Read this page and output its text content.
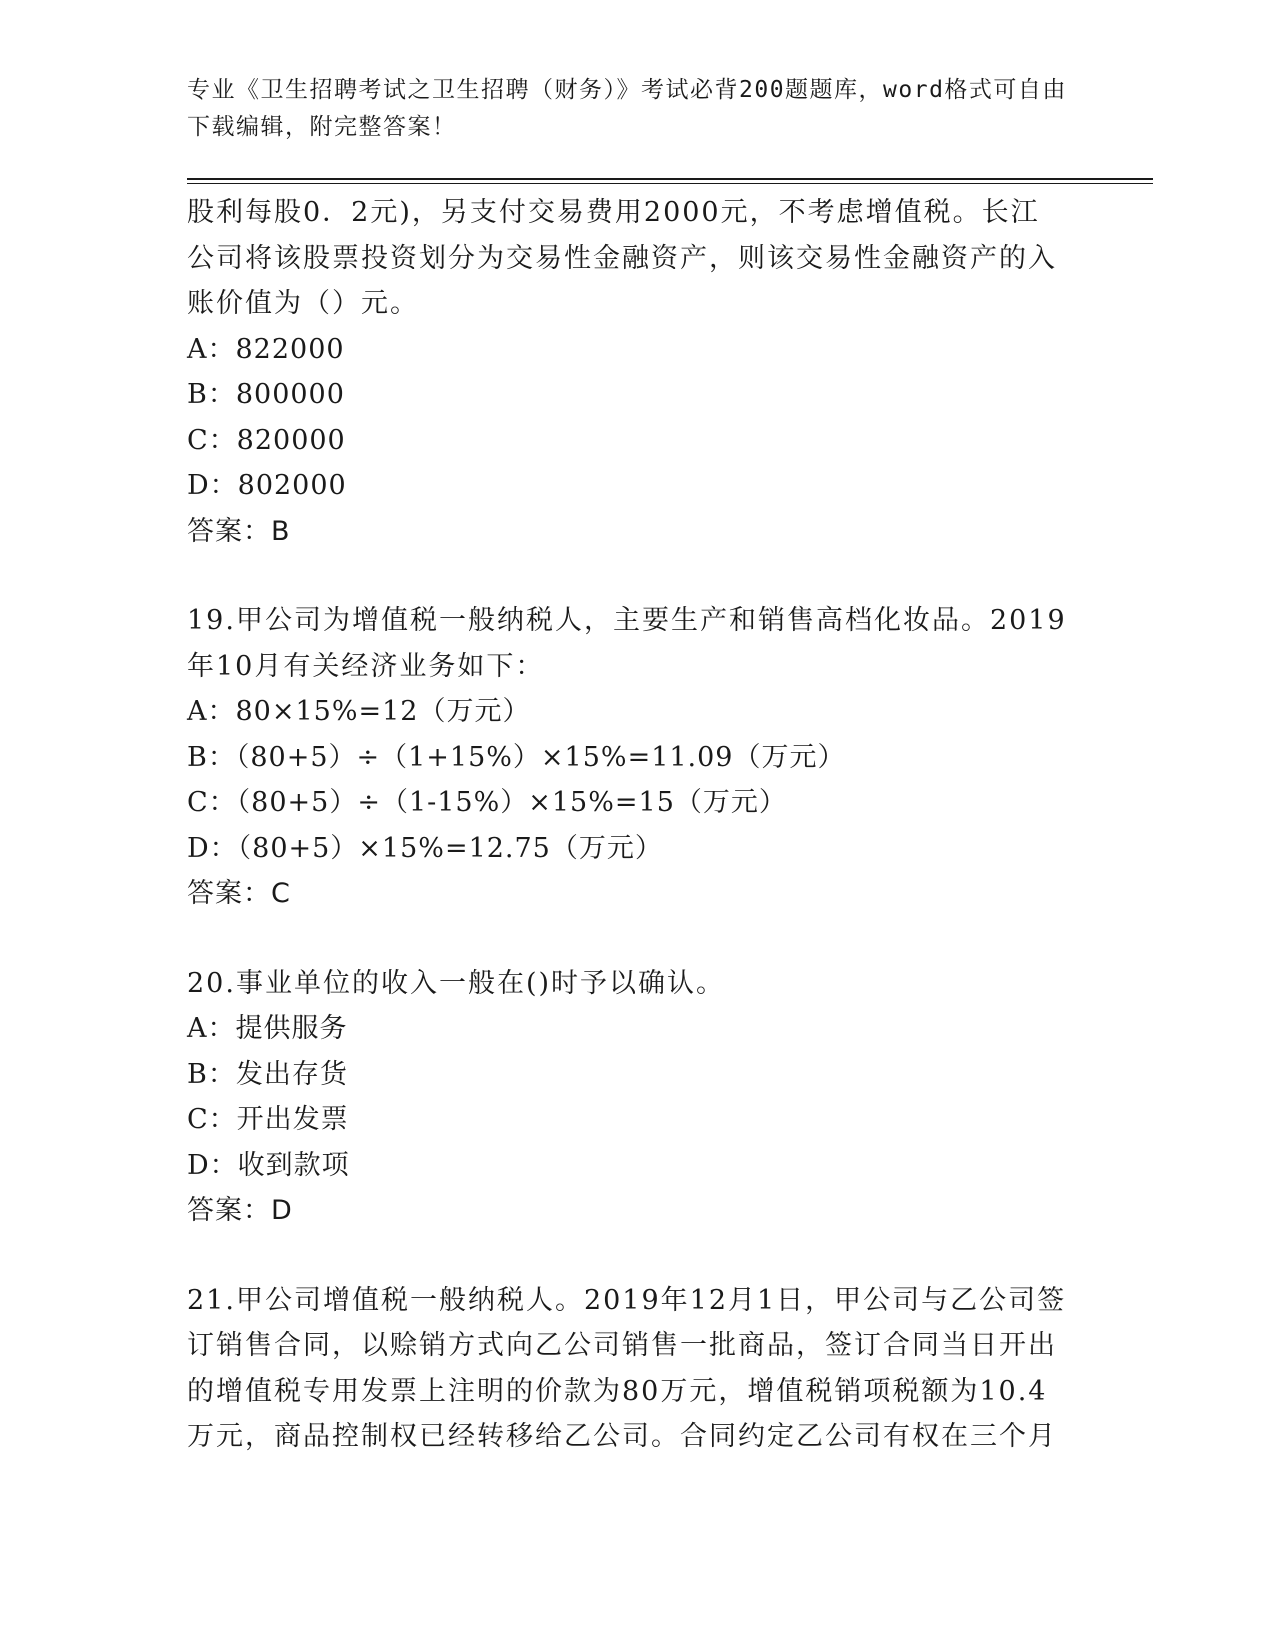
专业《卫生招聘考试之卫生招聘（财务）》考试必背200题题库，word格式可自由下载编辑，附完整答案！

股利每股0．2元)，另支付交易费用2000元，不考虑增值税。长江公司将该股票投资划分为交易性金融资产，则该交易性金融资产的入账价值为（）元。

A：822000

B：800000

C：820000

D：802000

答案：B

19.甲公司为增值税一般纳税人，主要生产和销售高档化妆品。2019年10月有关经济业务如下：

A：80×15%=12（万元）

B：（80+5）÷（1+15%）×15%=11.09（万元）

C：（80+5）÷（1-15%）×15%=15（万元）

D：（80+5）×15%=12.75（万元）

答案：C

20.事业单位的收入一般在()时予以确认。

A：提供服务

B：发出存货

C：开出发票

D：收到款项

答案：D

21.甲公司增值税一般纳税人。2019年12月1日，甲公司与乙公司签订销售合同，以赊销方式向乙公司销售一批商品，签订合同当日开出的增值税专用发票上注明的价款为80万元，增值税销项税额为10.4万元，商品控制权已经转移给乙公司。合同约定乙公司有权在三个月
